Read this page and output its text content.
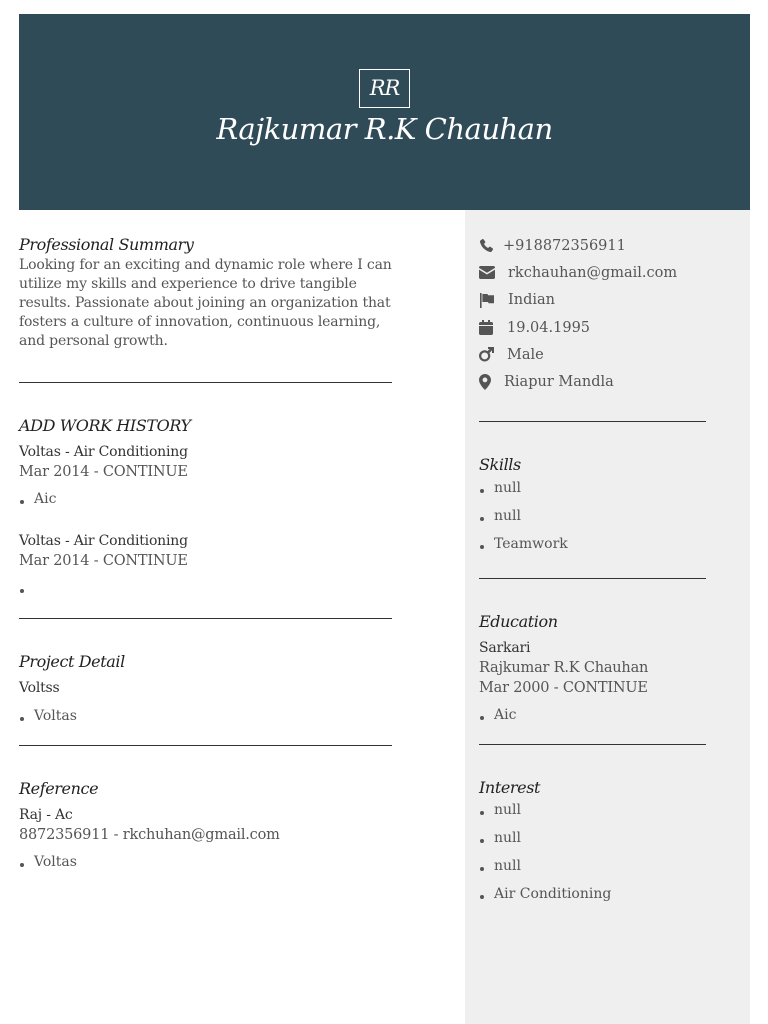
RR
Rajkumar R.K Chauhan
Professional Summary
Looking for an exciting and dynamic role where I can utilize my skills and experience to drive tangible results. Passionate about joining an organization that fosters a culture of innovation, continuous learning, and personal growth.
ADD WORK HISTORY
Voltas - Air Conditioning
Mar 2014 - CONTINUE
Aic
Voltas - Air Conditioning
Mar 2014 - CONTINUE
Project Detail
Voltss
Voltas
Reference
Raj - Ac
8872356911 - rkchuhan@gmail.com
Voltas
+918872356911
rkchauhan@gmail.com
Indian
19.04.1995
Male
Riapur Mandla
Skills
null
null
Teamwork
Education
Sarkari
Rajkumar R.K Chauhan
Mar 2000 - CONTINUE
Aic
Interest
null
null
null
Air Conditioning
